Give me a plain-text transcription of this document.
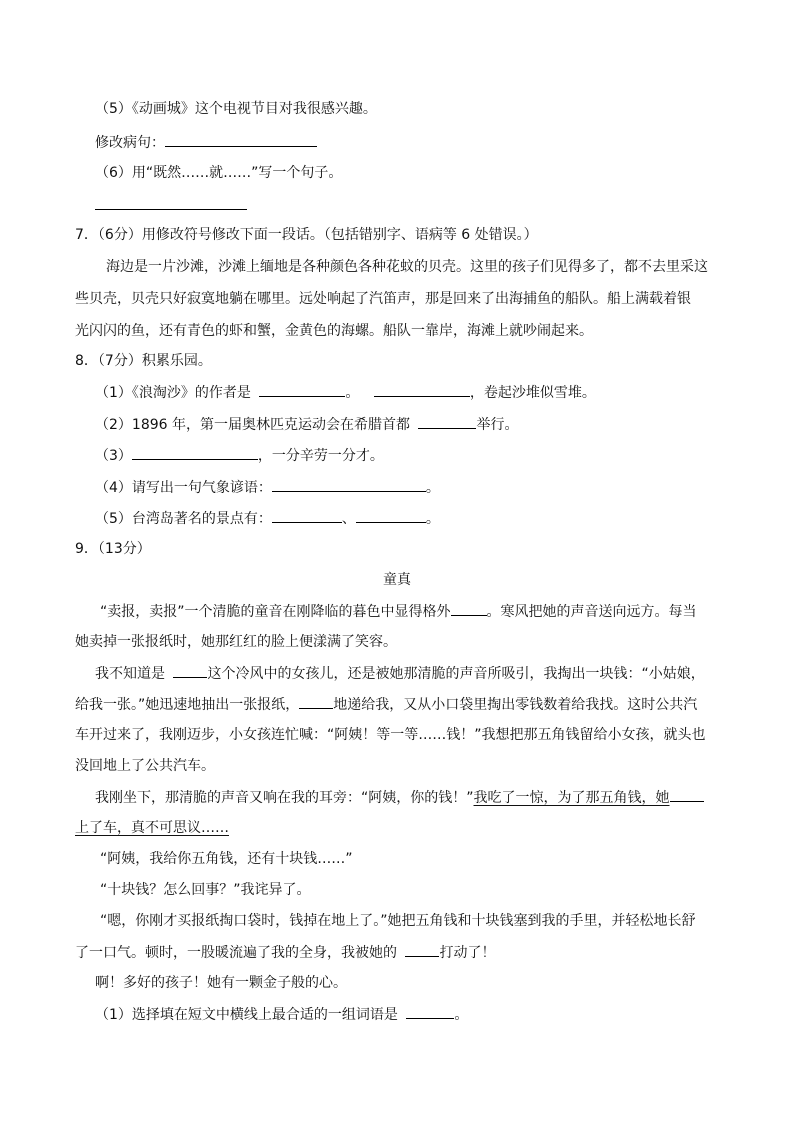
（5）《动画城》这个电视节目对我很感兴趣。
修改病句：
（6）用“既然……就……”写一个句子。
7．（6分）用修改符号修改下面一段话。（包括错别字、语病等 6 处错误。）
海边是一片沙滩，沙滩上缅地是各种颜色各种花蚊的贝壳。这里的孩子们见得多了，都不去里采这
些贝壳，贝壳只好寂寞地躺在哪里。远处响起了汽笛声，那是回来了出海捕鱼的船队。船上满载着银
光闪闪的鱼，还有青色的虾和蟹，金黄色的海螺。船队一靠岸，海滩上就吵闹起来。
8．（7分）积累乐园。
（1）《浪淘沙》的作者是	。	，卷起沙堆似雪堆。
（2）1896 年，第一届奥林匹克运动会在希腊首都	举行。
（3）	，一分辛劳一分才。
（4）请写出一句气象谚语：	。
（5）台湾岛著名的景点有：	、	。
9．（13分）
童真
“卖报，卖报”一个清脆的童音在刚降临的暮色中显得格外	。寒风把她的声音送向远方。每当
她卖掉一张报纸时，她那红红的脸上便漾满了笑容。
我不知道是	这个冷风中的女孩儿，还是被她那清脆的声音所吸引，我掏出一块钱：“小姑娘，
给我一张。”她迅速地抽出一张报纸， 地递给我，又从小口袋里掏出零钱数着给我找。这时公共汽
车开过来了，我刚迈步，小女孩连忙喊：“阿姨！等一等……钱！”我想把那五角钱留给小女孩，就头也
没回地上了公共汽车。
我刚坐下，那清脆的声音又响在我的耳旁：“阿姨，你的钱！”我吃了一惊，为了那五角钱，她
上了车，真不可思议……
“阿姨，我给你五角钱，还有十块钱……”
“十块钱？怎么回事？”我诧异了。
“嗯，你刚才买报纸掏口袋时，钱掉在地上了。”她把五角钱和十块钱塞到我的手里，并轻松地长舒
了一口气。顿时，一股暖流遍了我的全身，我被她的	打动了！
啊！多好的孩子！她有一颗金子般的心。
（1）选择填在短文中横线上最合适的一组词语是	。
